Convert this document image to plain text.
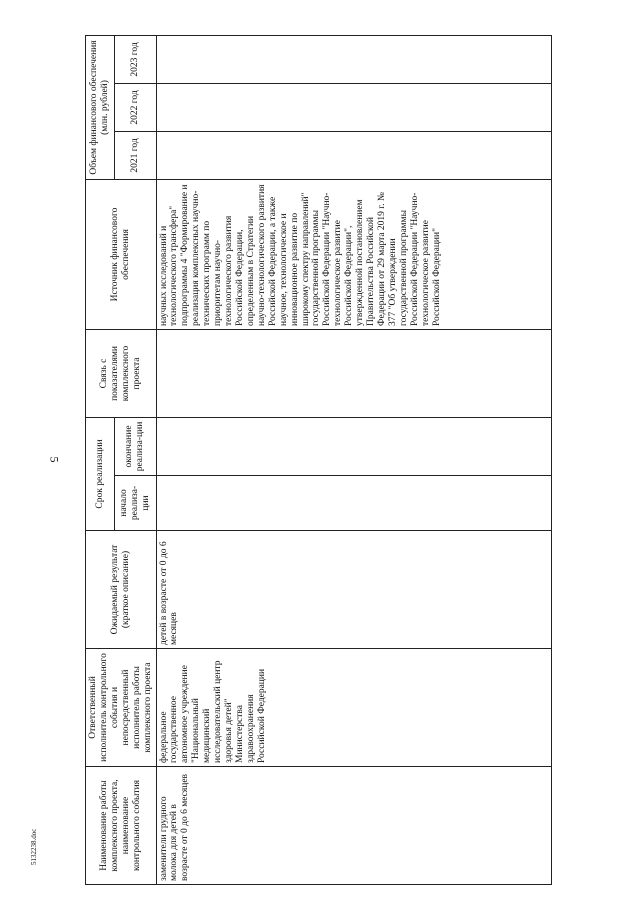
5
Наименование работы комплексного проекта, наименование контрольного события	Ответственный исполнитель контрольного события и непосредственный исполнитель работы комплексного проекта	Ожидаемый результат (краткое описание)	Срок реализации		Связь с показателями комплексного проекта	Источник финансового обеспечения	Объем финансового обеспечения (млн. рублей)		
			начало реализа-ции	окончание реализа-ции			2021 год	2022 год	2023 год
заменители грудного молока для детей в возрасте от 0 до 6 месяцев	федеральное государственное автономное учреждение "Национальный медицинский исследовательский центр здоровья детей" Министерства здравоохранения Российской Федерации	детей в возрасте от 0 до 6 месяцев				научных исследований и технологического трансфера" подпрограммы 4 "Формирование и реализация комплексных научно-технических программ по приоритетам научно-технологического развития Российской Федерации, определенным в Стратегии научно-технологического развития Российской Федерации, а также научное, технологическое и инновационное развитие по широкому спектру направлений" государственной программы Российской Федерации "Научно-технологическое развитие Российской Федерации", утвержденной постановлением Правительства Российской Федерации от 29 марта 2019 г. № 377 "Об утверждении государственной программы Российской Федерации "Научно-технологическое развитие Российской Федерации"			
5132238.doc
